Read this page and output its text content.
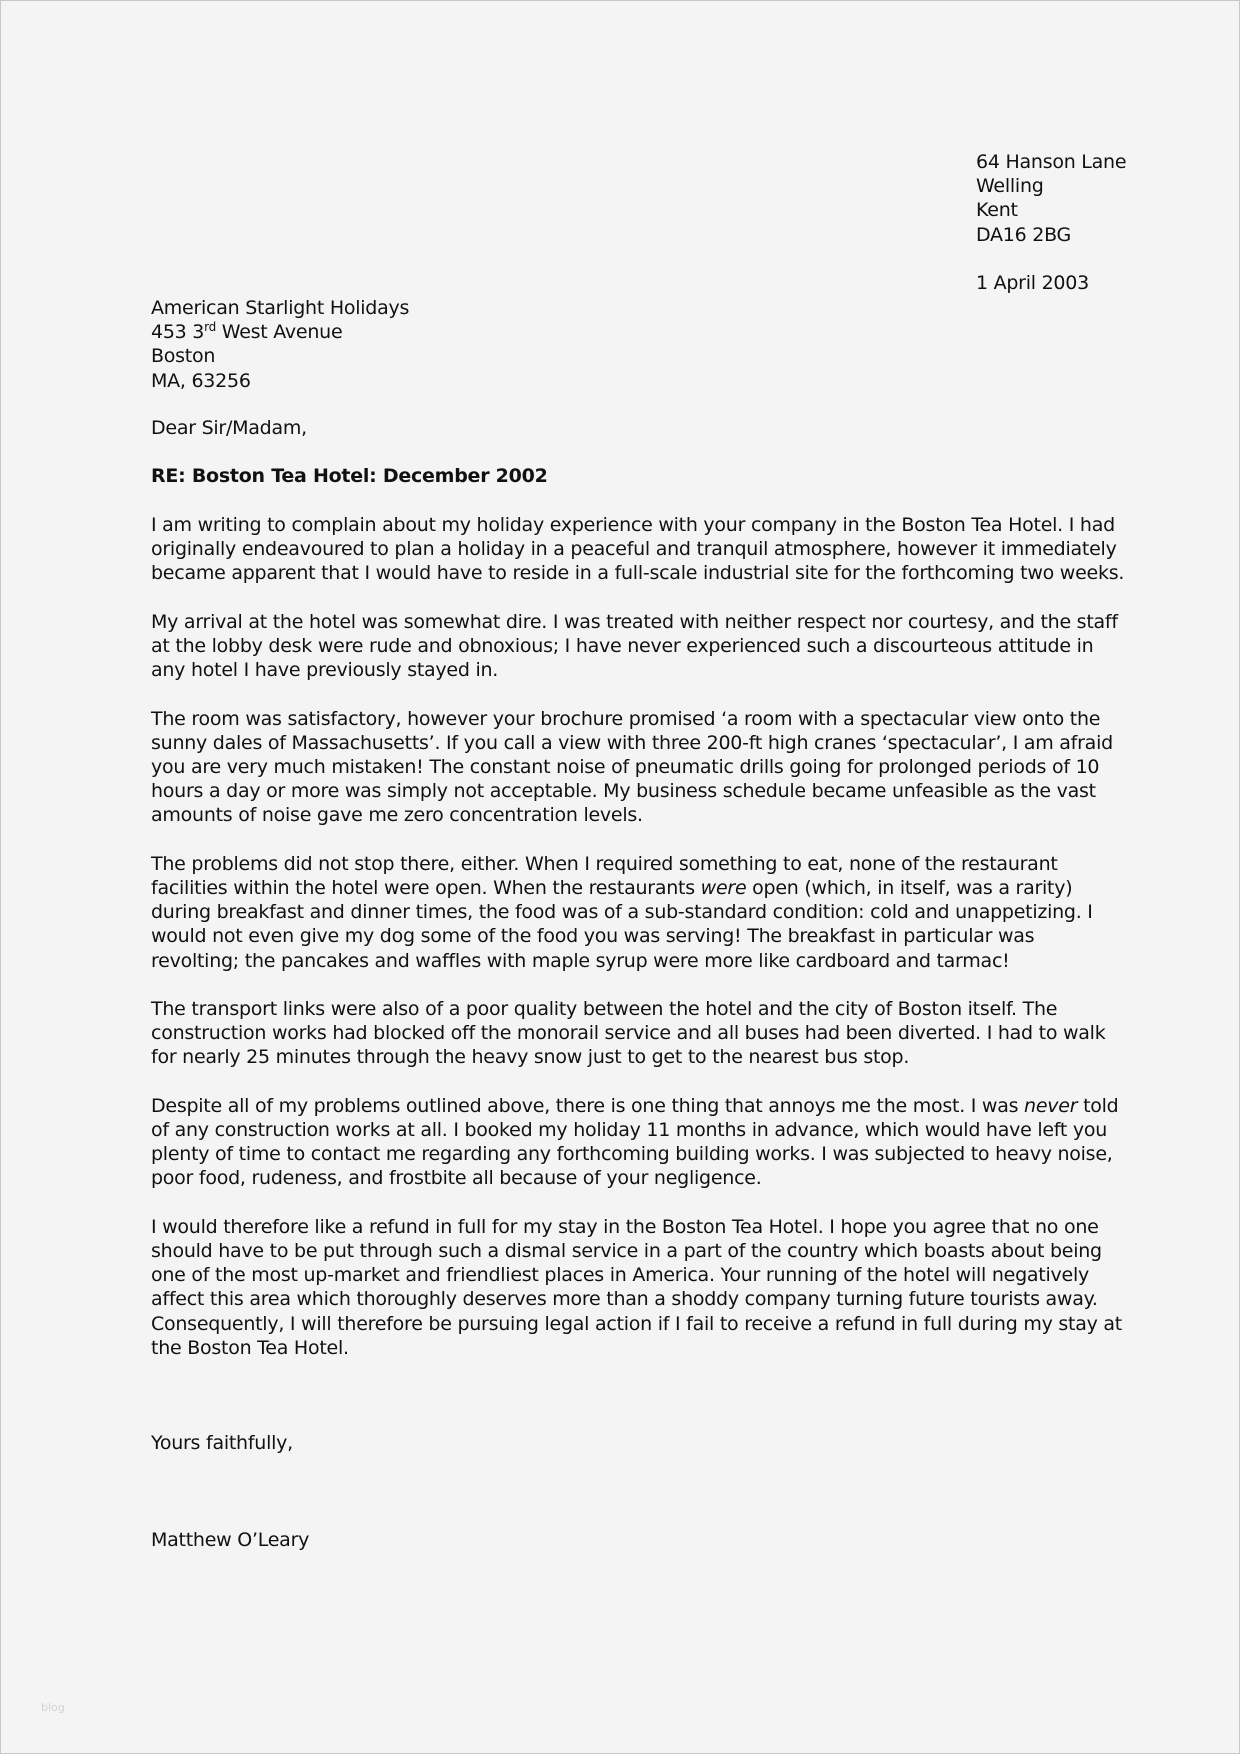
64 Hanson Lane
Welling
Kent
DA16 2BG
1 April 2003
American Starlight Holidays
453 3rd West Avenue
Boston
MA, 63256
Dear Sir/Madam,
RE: Boston Tea Hotel: December 2002

I am writing to complain about my holiday experience with your company in the Boston Tea Hotel. I had originally endeavoured to plan a holiday in a peaceful and tranquil atmosphere, however it immediately became apparent that I would have to reside in a full-scale industrial site for the forthcoming two weeks.

My arrival at the hotel was somewhat dire. I was treated with neither respect nor courtesy, and the staff at the lobby desk were rude and obnoxious; I have never experienced such a discourteous attitude in any hotel I have previously stayed in.

The room was satisfactory, however your brochure promised ‘a room with a spectacular view onto the sunny dales of Massachusetts’. If you call a view with three 200-ft high cranes ‘spectacular’, I am afraid you are very much mistaken! The constant noise of pneumatic drills going for prolonged periods of 10 hours a day or more was simply not acceptable. My business schedule became unfeasible as the vast amounts of noise gave me zero concentration levels.

The problems did not stop there, either. When I required something to eat, none of the restaurant facilities within the hotel were open. When the restaurants were open (which, in itself, was a rarity) during breakfast and dinner times, the food was of a sub-standard condition: cold and unappetizing. I would not even give my dog some of the food you was serving! The breakfast in particular was revolting; the pancakes and waffles with maple syrup were more like cardboard and tarmac!

The transport links were also of a poor quality between the hotel and the city of Boston itself. The construction works had blocked off the monorail service and all buses had been diverted. I had to walk for nearly 25 minutes through the heavy snow just to get to the nearest bus stop.

Despite all of my problems outlined above, there is one thing that annoys me the most. I was never told of any construction works at all. I booked my holiday 11 months in advance, which would have left you plenty of time to contact me regarding any forthcoming building works. I was subjected to heavy noise, poor food, rudeness, and frostbite all because of your negligence.

I would therefore like a refund in full for my stay in the Boston Tea Hotel. I hope you agree that no one should have to be put through such a dismal service in a part of the country which boasts about being one of the most up-market and friendliest places in America. Your running of the hotel will negatively affect this area which thoroughly deserves more than a shoddy company turning future tourists away. Consequently, I will therefore be pursuing legal action if I fail to receive a refund in full during my stay at the Boston Tea Hotel.

Yours faithfully,
Matthew O’Leary
blog
